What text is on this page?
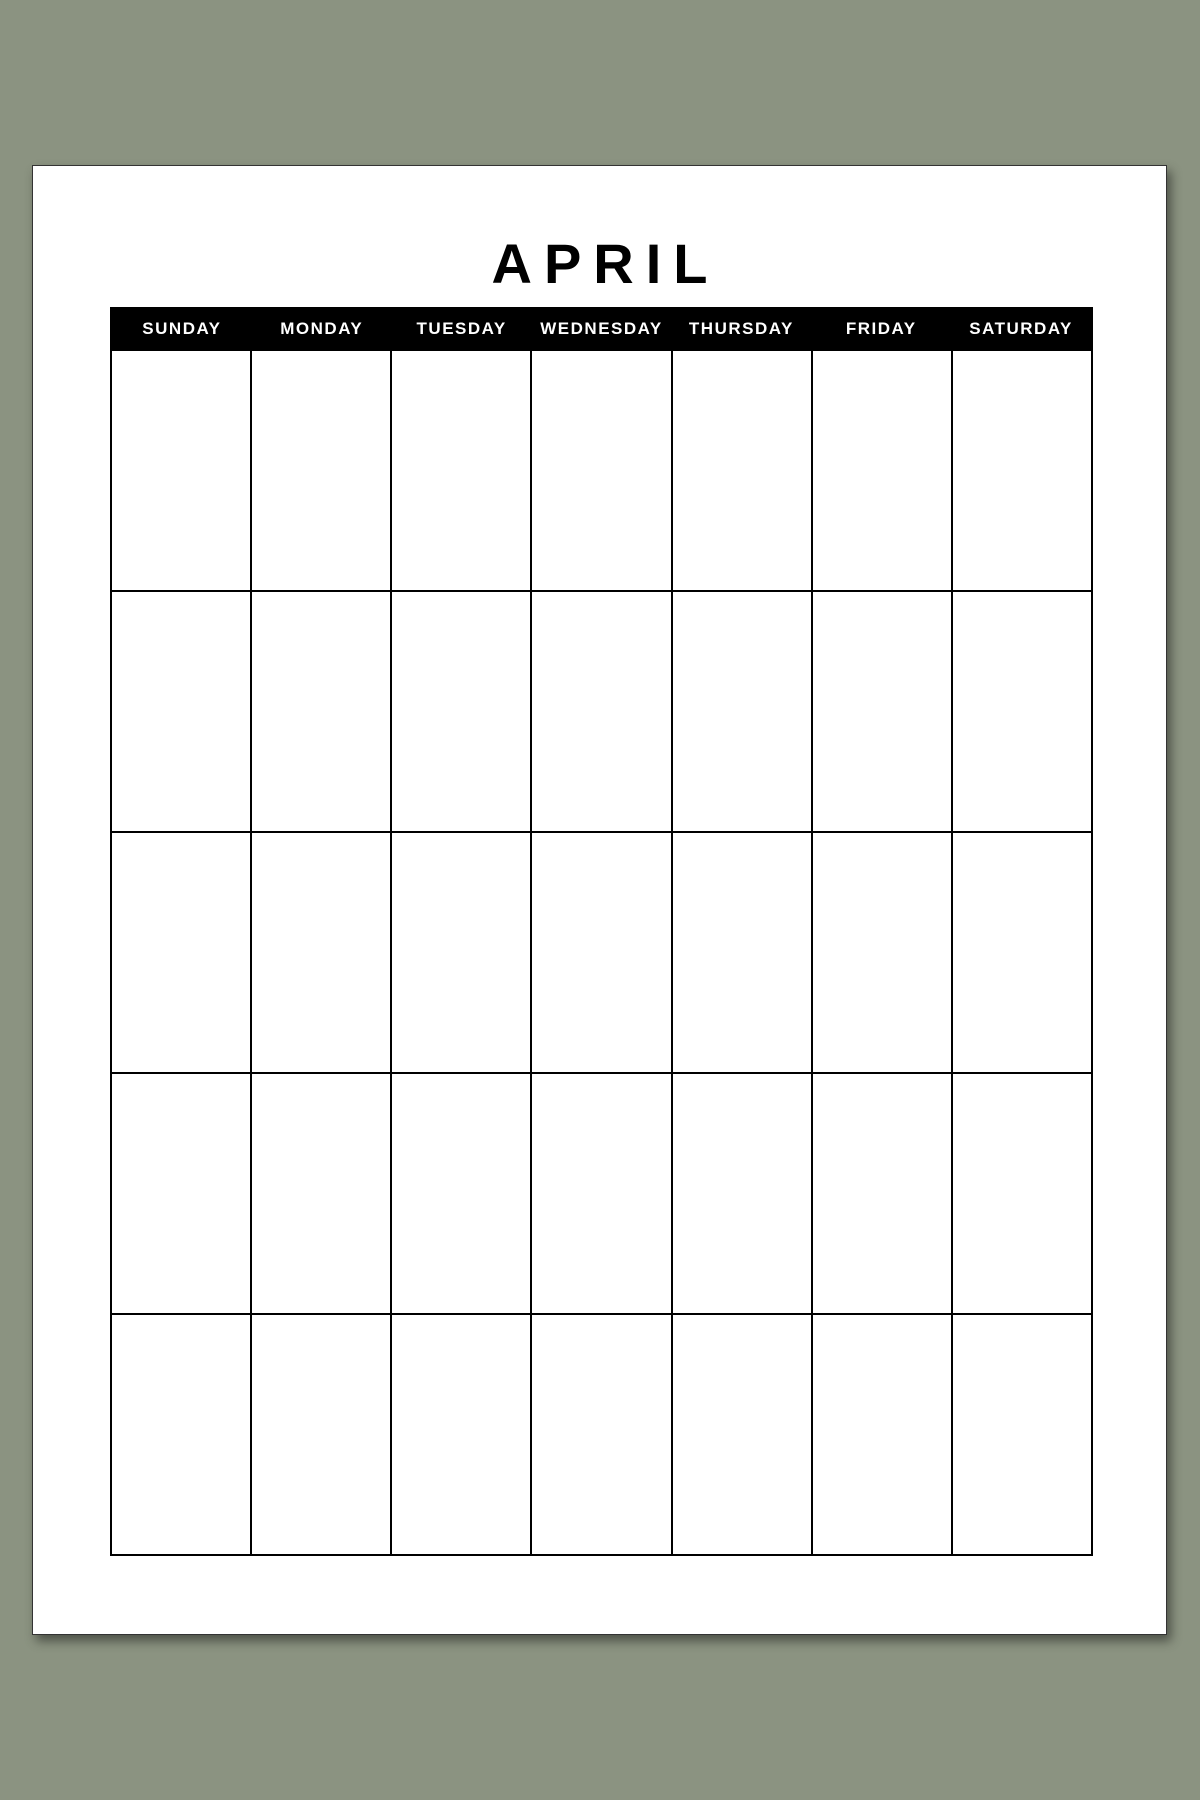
APRIL
SUNDAY	MONDAY	TUESDAY	WEDNESDAY	THURSDAY	FRIDAY	SATURDAY
